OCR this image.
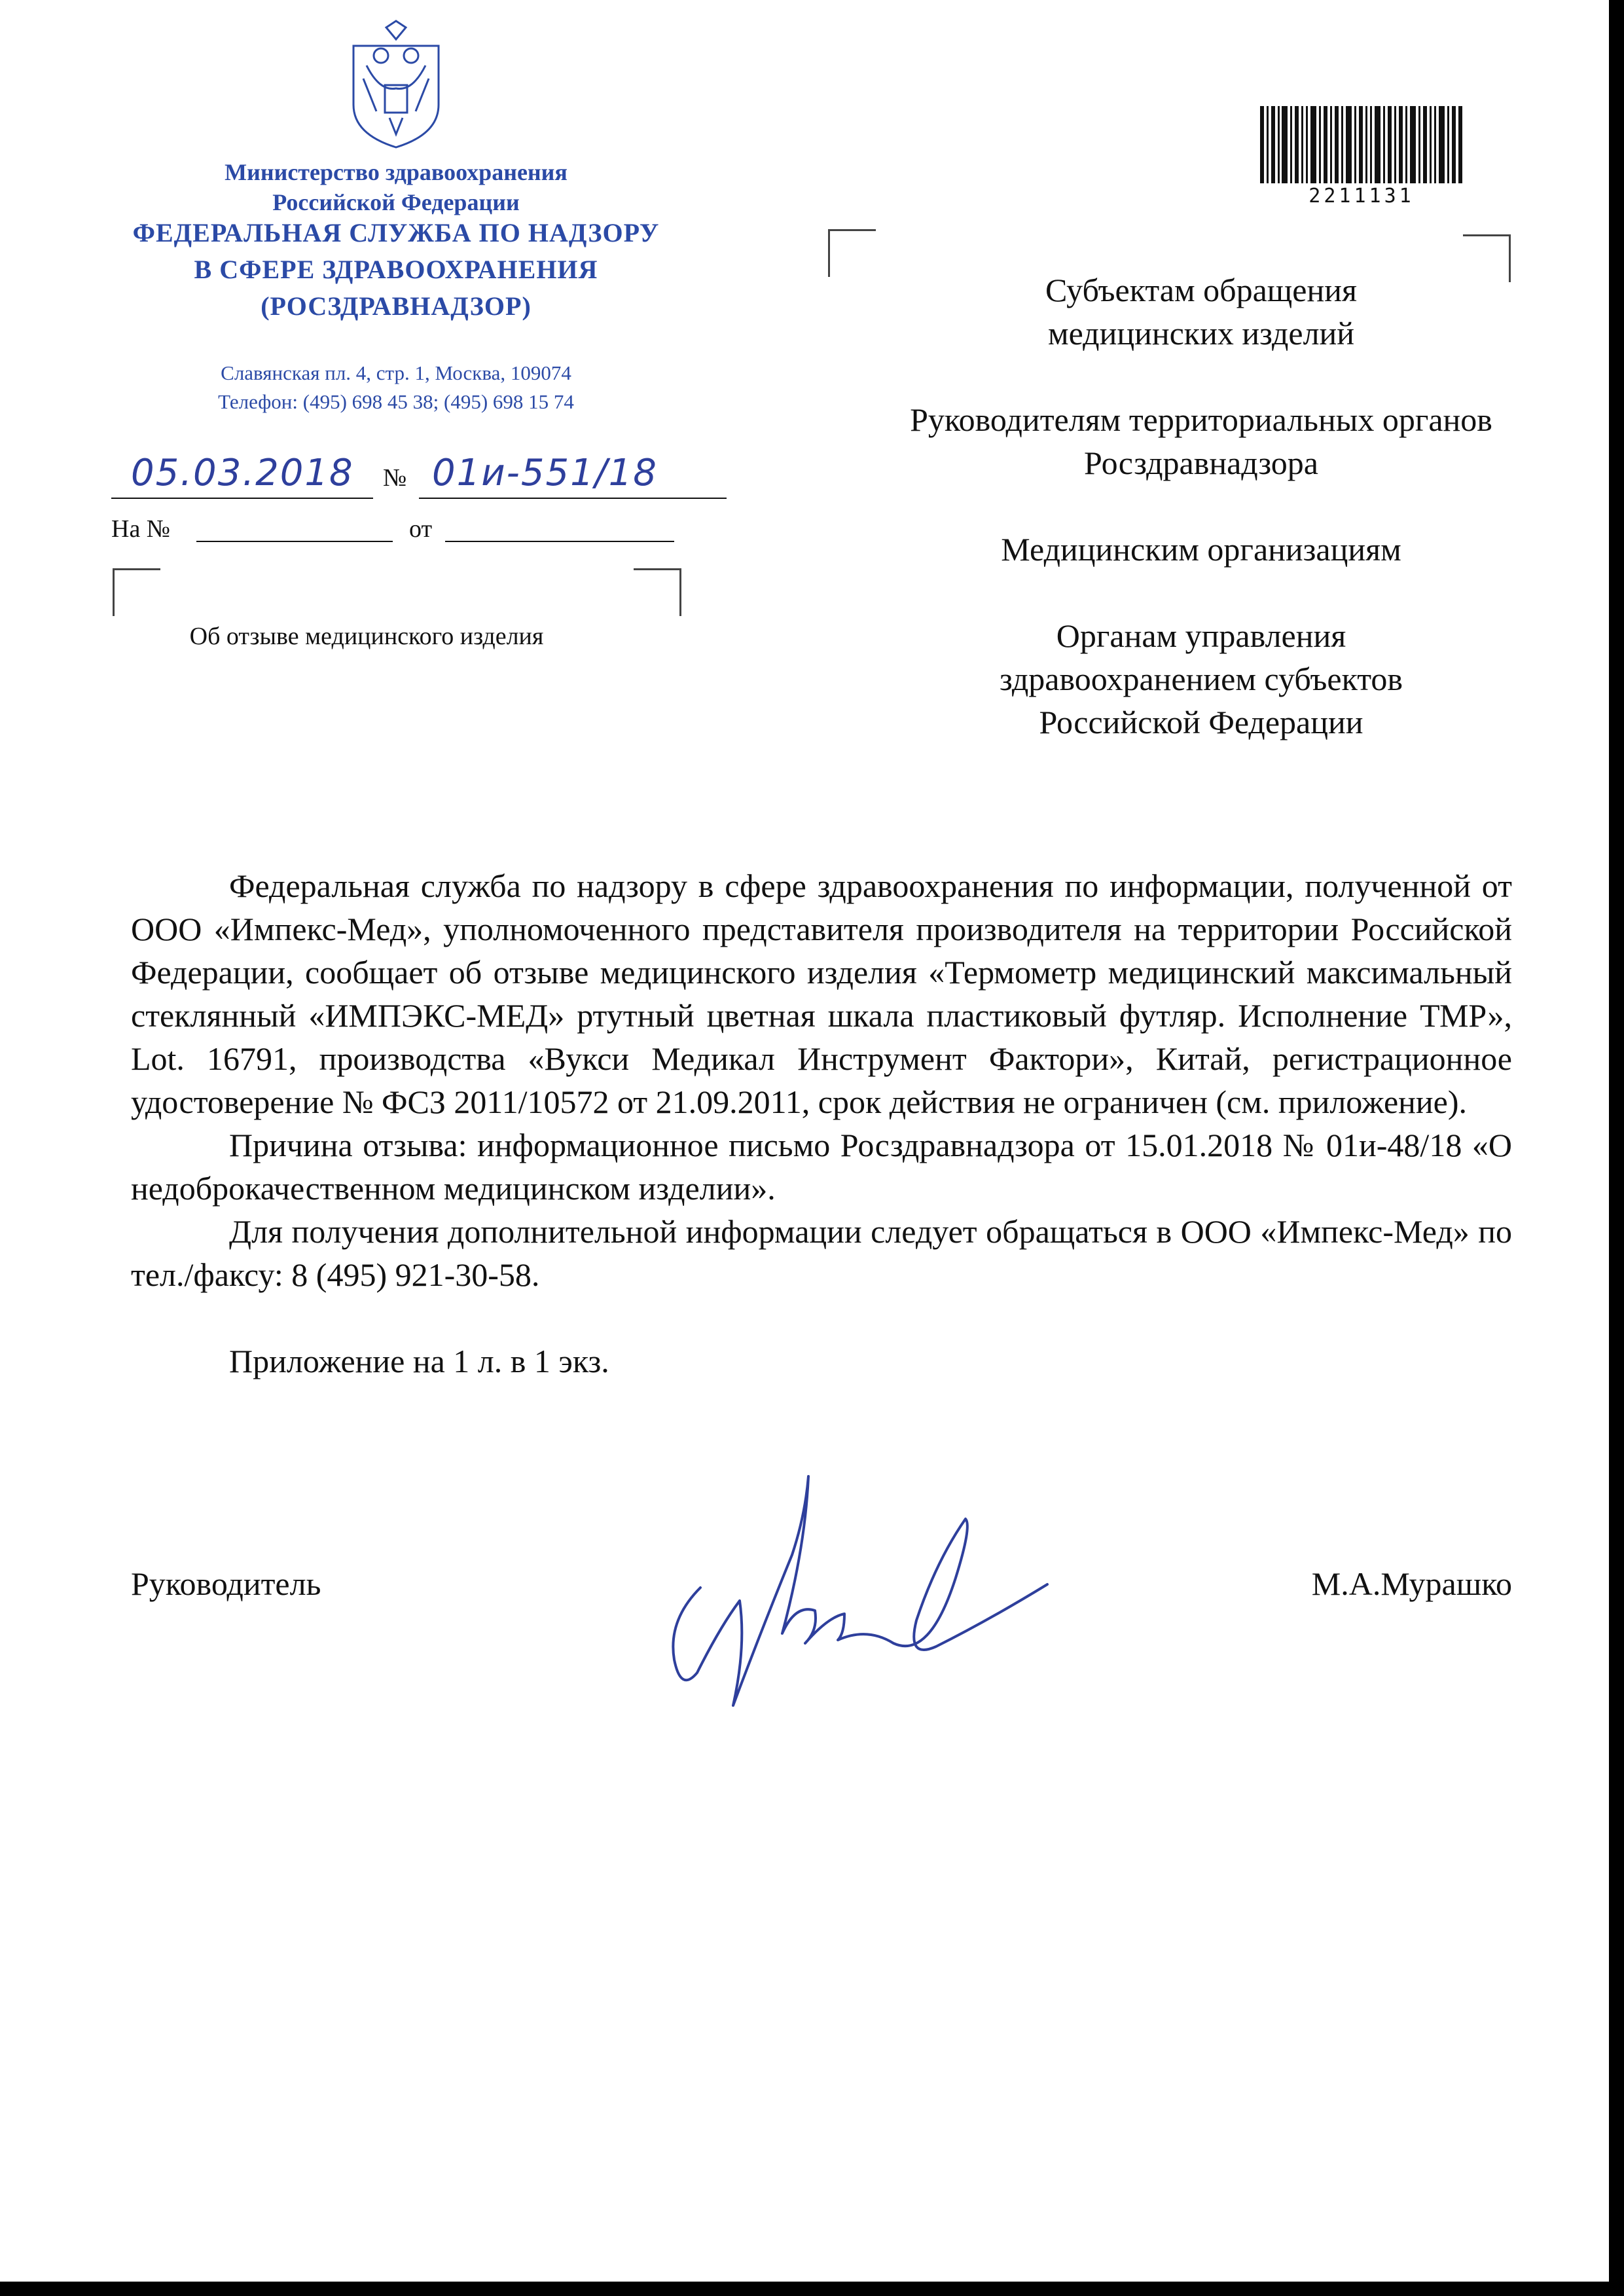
Министерство здравоохранения
Российской Федерации
ФЕДЕРАЛЬНАЯ СЛУЖБА ПО НАДЗОРУ
В СФЕРЕ ЗДРАВООХРАНЕНИЯ
(РОСЗДРАВНАДЗОР)
Славянская пл. 4, стр. 1, Москва, 109074
Телефон: (495) 698 45 38; (495) 698 15 74
05.03.2018 № 01и-551/18
На №	от
Об отзыве медицинского изделия
2211131

Субъектам обращения медицинских изделий

Руководителям территориальных органов Росздравнадзора

Медицинским организациям

Органам управления здравоохранением субъектов Российской Федерации

Федеральная служба по надзору в сфере здравоохранения по информации, полученной от ООО «Импекс-Мед», уполномоченного представителя производителя на территории Российской Федерации, сообщает об отзыве медицинского изделия «Термометр медицинский максимальный стеклянный «ИМПЭКС-МЕД» ртутный цветная шкала пластиковый футляр. Исполнение ТМР», Lot. 16791, производства «Вукси Медикал Инструмент Фактори», Китай, регистрационное удостоверение № ФСЗ 2011/10572 от 21.09.2011, срок действия не ограничен (см. приложение).

Причина отзыва: информационное письмо Росздравнадзора от 15.01.2018 № 01и-48/18 «О недоброкачественном медицинском изделии».

Для получения дополнительной информации следует обращаться в ООО «Импекс-Мед» по тел./факсу: 8 (495) 921-30-58.

Приложение на 1 л. в 1 экз.

Руководитель	М.А.Мурашко
